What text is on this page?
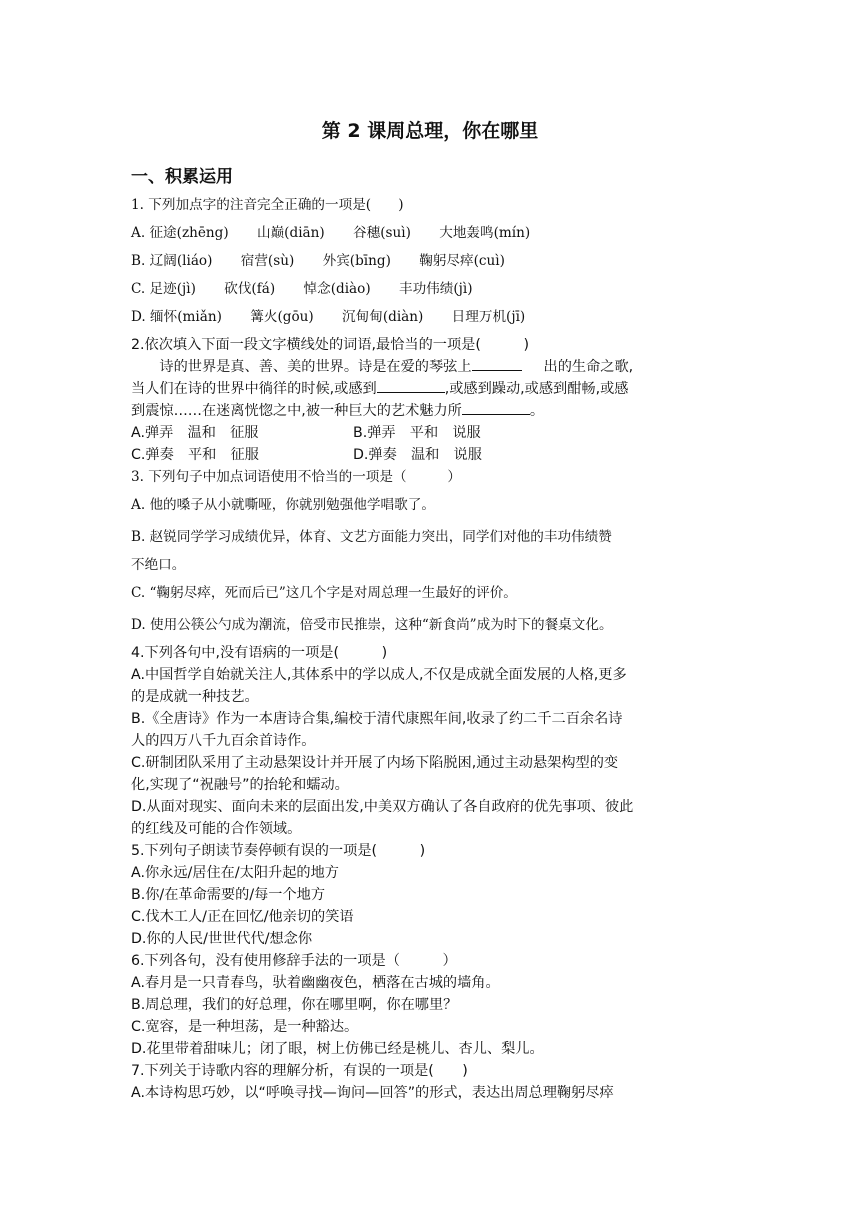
第 2 课周总理，你在哪里
一、积累运用
1. 下列加点字的注音完全正确的一项是(　　)
A. 征途(zhēng) 山巅(diān) 谷穗(suì) 大地轰鸣(mín)
B. 辽阔(liáo) 宿营(sù) 外宾(bīng) 鞠躬尽瘁(cuì)
C. 足迹(jì) 砍伐(fá) 悼念(diào) 丰功伟绩(jì)
D. 缅怀(miǎn) 篝火(gōu) 沉甸甸(diàn) 日理万机(jī)
2.依次填入下面一段文字横线处的词语,最恰当的一项是(　　　)
诗的世界是真、善、美的世界。诗是在爱的琴弦上	出的生命之歌,
当人们在诗的世界中徜徉的时候,或感到	,或感到躁动,或感到酣畅,或感
到震惊……在迷离恍惚之中,被一种巨大的艺术魅力所	。
A.弹弄　温和　征服	B.弹弄　平和　说服
C.弹奏　平和　征服	D.弹奏　温和　说服
3. 下列句子中加点词语使用不恰当的一项是（　　　）
A. 他的嗓子从小就嘶哑，你就别勉强他学唱歌了。
B. 赵锐同学学习成绩优异，体育、文艺方面能力突出，同学们对他的丰功伟绩赞
不绝口。
C. “鞠躬尽瘁，死而后已”这几个字是对周总理一生最好的评价。
D. 使用公筷公勺成为潮流，倍受市民推崇，这种“新食尚”成为时下的餐桌文化。
4.下列各句中,没有语病的一项是(　　　)
A.中国哲学自始就关注人,其体系中的学以成人,不仅是成就全面发展的人格,更多
的是成就一种技艺。
B.《全唐诗》作为一本唐诗合集,编校于清代康熙年间,收录了约二千二百余名诗
人的四万八千九百余首诗作。
C.研制团队采用了主动悬架设计并开展了内场下陷脱困,通过主动悬架构型的变
化,实现了“祝融号”的抬轮和蠕动。
D.从面对现实、面向未来的层面出发,中美双方确认了各自政府的优先事项、彼此
的红线及可能的合作领域。
5.下列句子朗读节奏停顿有误的一项是(　　　)
A.你永远/居住在/太阳升起的地方
B.你/在革命需要的/每一个地方
C.伐木工人/正在回忆/他亲切的笑语
D.你的人民/世世代代/想念你
6.下列各句，没有使用修辞手法的一项是（　　　）
A.春月是一只青春鸟，驮着幽幽夜色，栖落在古城的墙角。
B.周总理，我们的好总理，你在哪里啊，你在哪里？
C.宽容，是一种坦荡，是一种豁达。
D.花里带着甜味儿；闭了眼，树上仿佛已经是桃儿、杏儿、梨儿。
7.下列关于诗歌内容的理解分析，有误的一项是(　　)
A.本诗构思巧妙，以“呼唤寻找—询问—回答”的形式，表达出周总理鞠躬尽瘁
